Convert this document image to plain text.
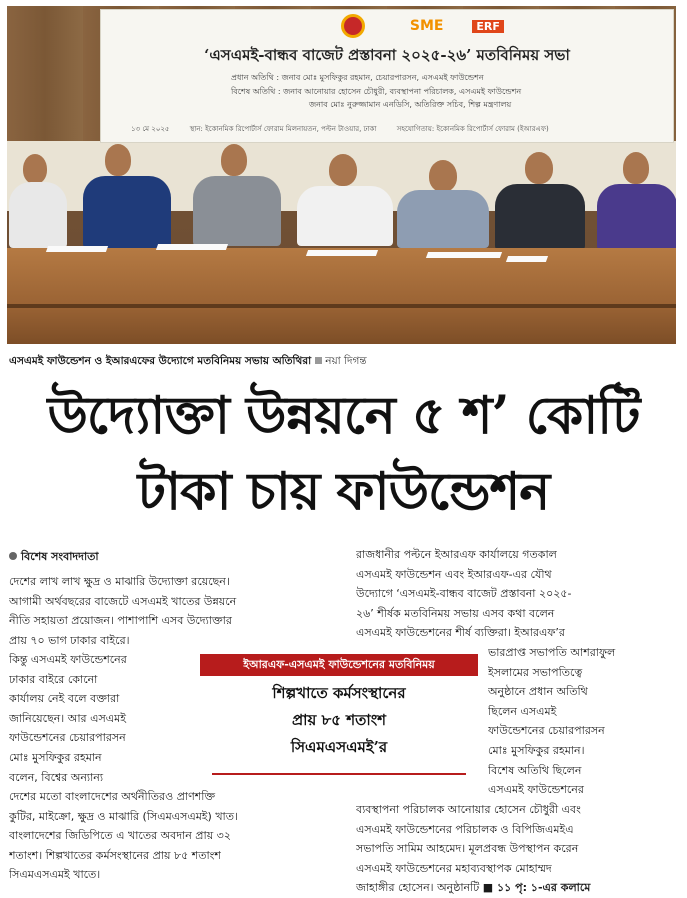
SME	ERF
‘এসএমই-বান্ধব বাজেট প্রস্তাবনা ২০২৫-২৬’ মতবিনিময় সভা
প্রধান অতিথি : জনাব মোঃ মুসফিকুর রহমান, চেয়ারপারসন, এসএমই ফাউন্ডেশন
বিশেষ অতিথি : জনাব আনোয়ার হোসেন চৌধুরী, ব্যবস্থাপনা পরিচালক, এসএমই ফাউন্ডেশন
জনাব মোঃ নুরুজ্জামান এনডিসি, অতিরিক্ত সচিব, শিল্প মন্ত্রণালয়
১৩ মে ২০২৫	স্থান: ইকোনমিক রিপোর্টার্স ফোরাম মিলনায়তন, পল্টন টাওয়ার, ঢাকা	সহযোগিতায়: ইকোনমিক রিপোর্টার্স ফোরাম (ইআরএফ)
এসএমই ফাউন্ডেশন ও ইআরএফের উদ্যোগে মতবিনিময় সভায় অতিথিরা নয়া দিগন্ত
উদ্যোক্তা উন্নয়নে ৫ শ’ কোটি
টাকা চায় ফাউন্ডেশন
বিশেষ সংবাদদাতা
দেশের লাখ লাখ ক্ষুদ্র ও মাঝারি উদ্যোক্তা রয়েছেন।
আগামী অর্থবছরের বাজেটে এসএমই খাতের উন্নয়নে
নীতি সহায়তা প্রয়োজন। পাশাপাশি এসব উদ্যোক্তার
প্রায় ৭০ ভাগ ঢাকার বাইরে।
কিন্তু এসএমই ফাউন্ডেশনের
ঢাকার বাইরে কোনো
কার্যালয় নেই বলে বক্তারা
জানিয়েছেন। আর এসএমই
ফাউন্ডেশনের চেয়ারপারসন
মোঃ মুসফিকুর রহমান
বলেন, বিশ্বের অন্যান্য
দেশের মতো বাংলাদেশের অর্থনীতিরও প্রাণশক্তি
কুটির, মাইক্রো, ক্ষুদ্র ও মাঝারি (সিএমএসএমই) খাত।
বাংলাদেশের জিডিপিতে এ খাতের অবদান প্রায় ৩২
শতাংশ। শিল্পখাতের কর্মসংস্থানের প্রায় ৮৫ শতাংশ
সিএমএসএমই খাতে।
রাজধানীর পল্টনে ইআরএফ কার্যালয়ে গতকাল
এসএমই ফাউন্ডেশন এবং ইআরএফ-এর যৌথ
উদ্যোগে ‘এসএমই-বান্ধব বাজেট প্রস্তাবনা ২০২৫-
২৬’ শীর্ষক মতবিনিময় সভায় এসব কথা বলেন
এসএমই ফাউন্ডেশনের শীর্ষ ব্যক্তিরা। ইআরএফ’র
ভারপ্রাপ্ত সভাপতি আশরাফুল
ইসলামের সভাপতিত্বে
অনুষ্ঠানে প্রধান অতিথি
ছিলেন এসএমই
ফাউন্ডেশনের চেয়ারপারসন
মোঃ মুসফিকুর রহমান।
বিশেষ অতিথি ছিলেন
এসএমই ফাউন্ডেশনের
ব্যবস্থাপনা পরিচালক আনোয়ার হোসেন চৌধুরী এবং
এসএমই ফাউন্ডেশনের পরিচালক ও বিপিজিএমইএ
সভাপতি সামিম আহমেদ। মূলপ্রবন্ধ উপস্থাপন করেন
এসএমই ফাউন্ডেশনের মহাব্যবস্থাপক মোহাম্মদ
জাহাঙ্গীর হোসেন। অনুষ্ঠানটি ■ ১১ পৃ: ১-এর কলামে
ইআরএফ-এসএমই ফাউন্ডেশনের মতবিনিময়
শিল্পখাতে কর্মসংস্থানের
প্রায় ৮৫ শতাংশ
সিএমএসএমই’র
